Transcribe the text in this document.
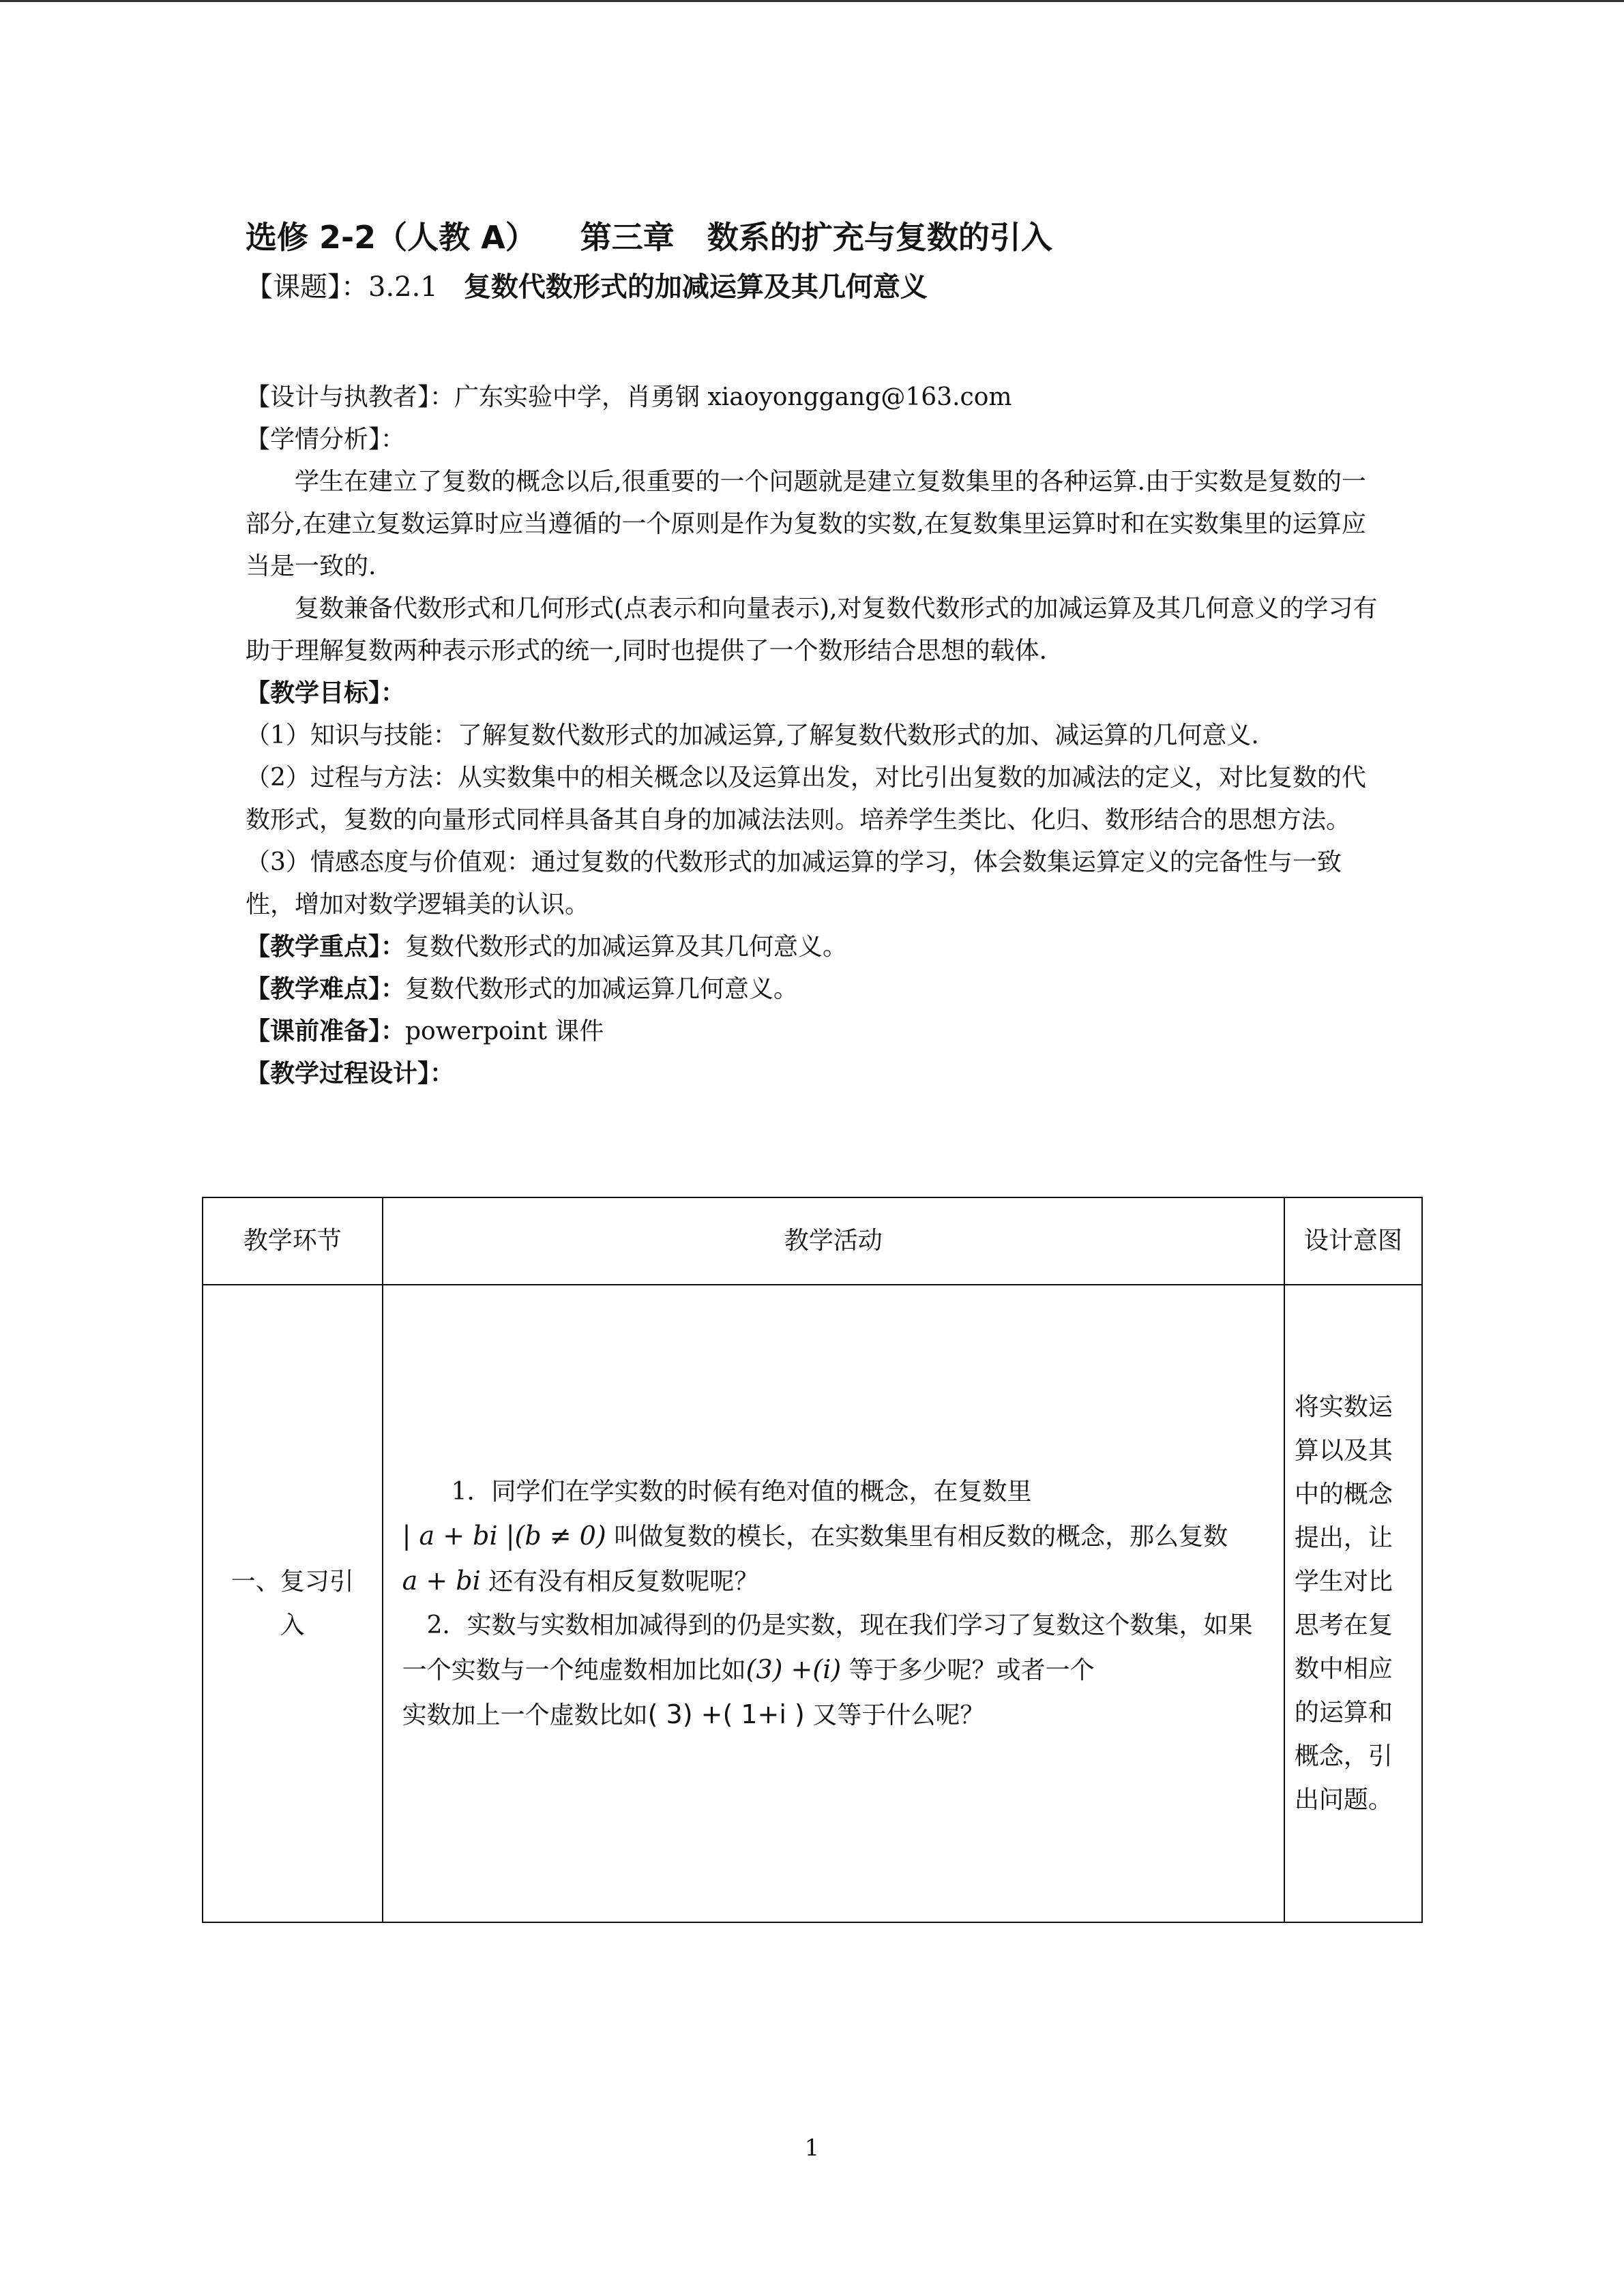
选修 2-2（人教 A）    第三章   数系的扩充与复数的引入

【课题】：3.2.1   复数代数形式的加减运算及其几何意义

【设计与执教者】：广东实验中学，肖勇钢 xiaoyonggang@163.com
【学情分析】：

学生在建立了复数的概念以后,很重要的一个问题就是建立复数集里的各种运算.由于实数是复数的一部分,在建立复数运算时应当遵循的一个原则是作为复数的实数,在复数集里运算时和在实数集里的运算应当是一致的.

复数兼备代数形式和几何形式(点表示和向量表示),对复数代数形式的加减运算及其几何意义的学习有助于理解复数两种表示形式的统一,同时也提供了一个数形结合思想的载体.

【教学目标】：

（1）知识与技能：了解复数代数形式的加减运算,了解复数代数形式的加、减运算的几何意义.

（2）过程与方法：从实数集中的相关概念以及运算出发，对比引出复数的加减法的定义，对比复数的代数形式，复数的向量形式同样具备其自身的加减法法则。培养学生类比、化归、数形结合的思想方法。

（3）情感态度与价值观：通过复数的代数形式的加减运算的学习，体会数集运算定义的完备性与一致性，增加对数学逻辑美的认识。

【教学重点】：复数代数形式的加减运算及其几何意义。
【教学难点】：复数代数形式的加减运算几何意义。
【课前准备】：powerpoint 课件
【教学过程设计】：
教学环节	教学活动	设计意图
一、复习引入	1．同学们在学实数的时候有绝对值的概念，在复数里

| a + bi |(b ≠ 0) 叫做复数的模长，在实数集里有相反数的概念，那么复数

a + bi 还有没有相反复数呢呢？

2．实数与实数相加减得到的仍是实数，现在我们学习了复数这个数集，如果一个实数与一个纯虚数相加比如(3) +(i) 等于多少呢？或者一个

实数加上一个虚数比如( 3) +( 1+i ) 又等于什么呢？	将实数运算以及其中的概念提出，让学生对比思考在复数中相应的运算和概念，引出问题。
1
